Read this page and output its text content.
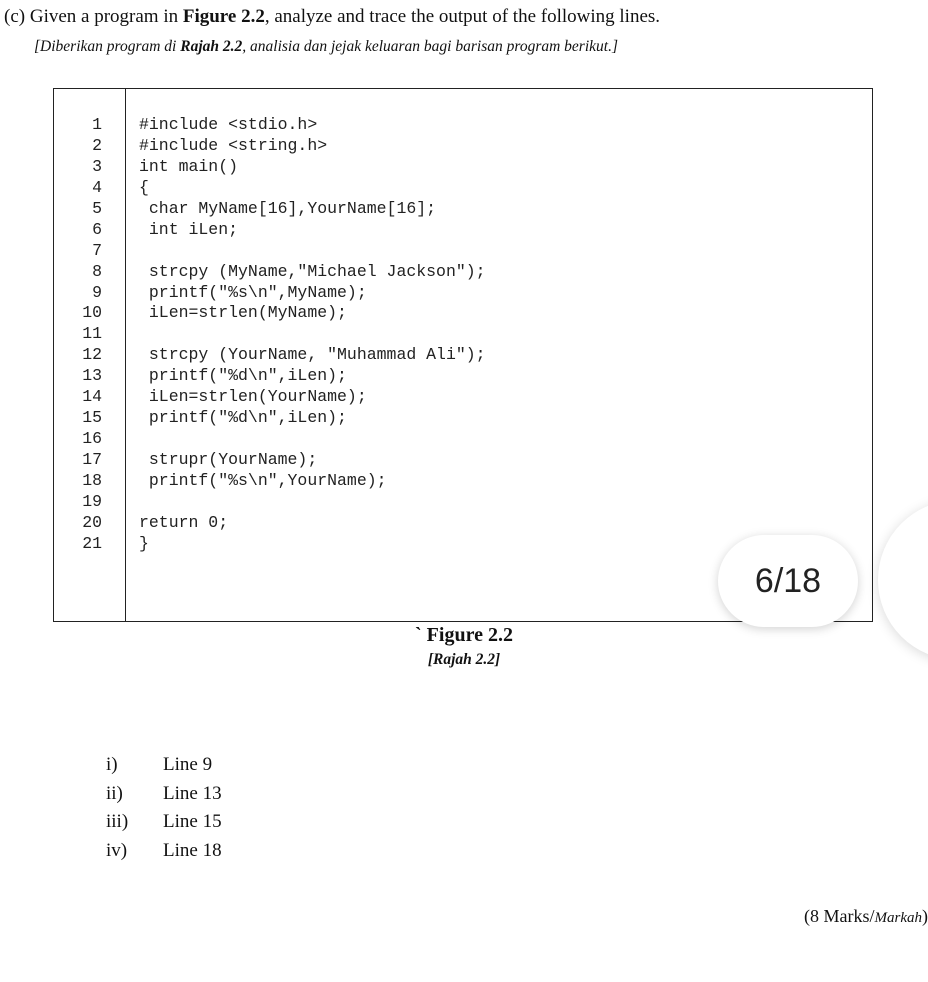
(c) Given a program in Figure 2.2, analyze and trace the output of the following lines.
[Diberikan program di Rajah 2.2, analisia dan jejak keluaran bagi barisan program berikut.]
1
2
3
4
5
6
7
8
9
10
11
12
13
14
15
16
17
18
19
20
21
#include <stdio.h>
#include <string.h>
int main()
{
char MyName[16],YourName[16];
int iLen;
strcpy (MyName,"Michael Jackson");
printf("%s\n",MyName);
iLen=strlen(MyName);
strcpy (YourName, "Muhammad Ali");
printf("%d\n",iLen);
iLen=strlen(YourName);
printf("%d\n",iLen);
strupr(YourName);
printf("%s\n",YourName);
return 0;
}
` Figure 2.2
[Rajah 2.2]
i) Line 9
ii) Line 13
iii) Line 15
iv) Line 18
(8 Marks/Markah)
6/18
